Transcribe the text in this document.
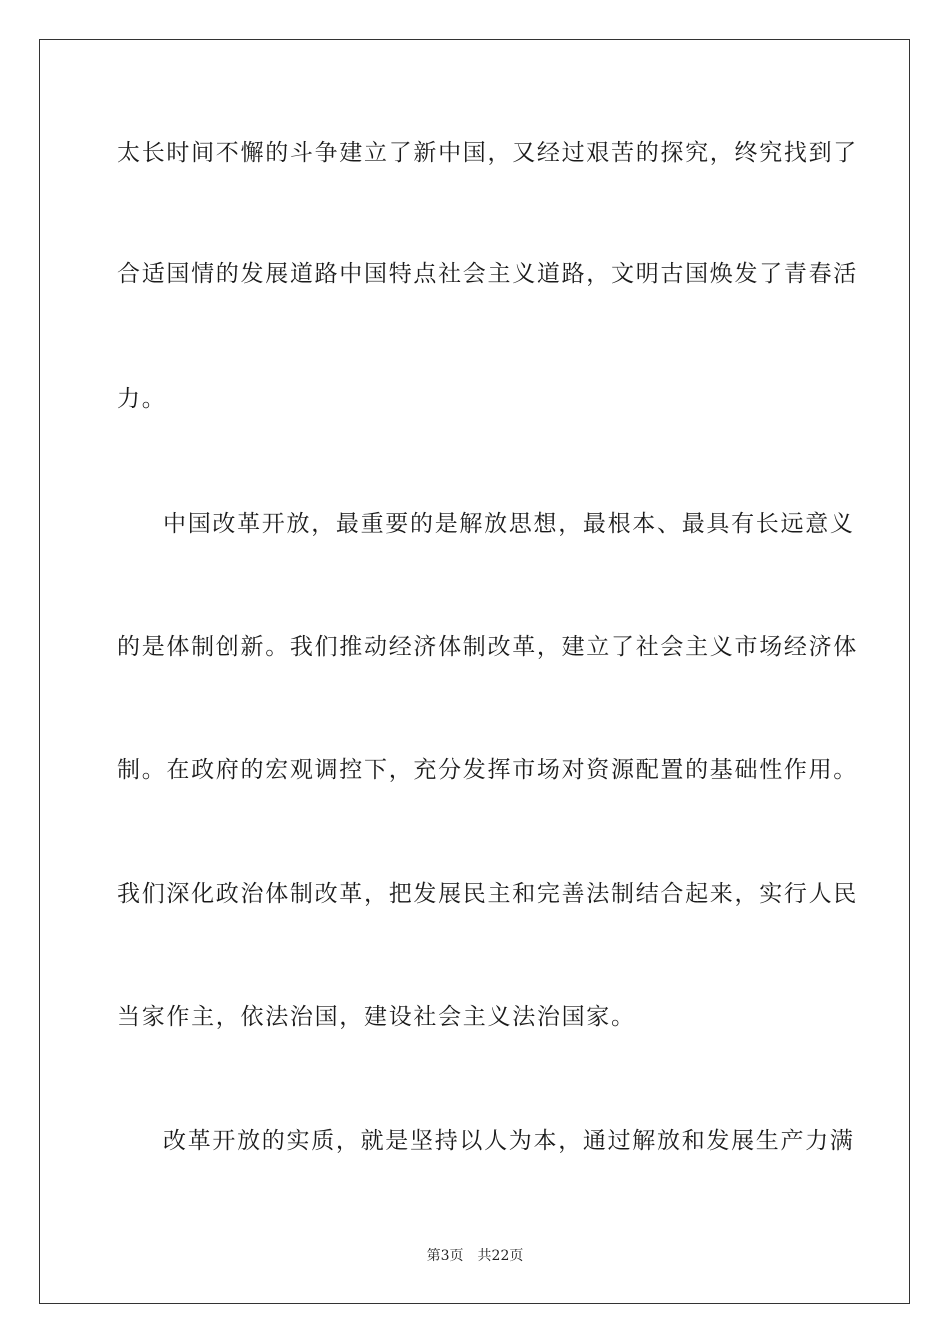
太长时间不懈的斗争建立了新中国，又经过艰苦的探究，终究找到了
合适国情的发展道路中国特点社会主义道路，文明古国焕发了青春活
力。
中国改革开放，最重要的是解放思想，最根本、最具有长远意义
的是体制创新。我们推动经济体制改革，建立了社会主义市场经济体
制。在政府的宏观调控下，充分发挥市场对资源配置的基础性作用。
我们深化政治体制改革，把发展民主和完善法制结合起来，实行人民
当家作主，依法治国，建设社会主义法治国家。
改革开放的实质，就是坚持以人为本，通过解放和发展生产力满
第3页 共22页
